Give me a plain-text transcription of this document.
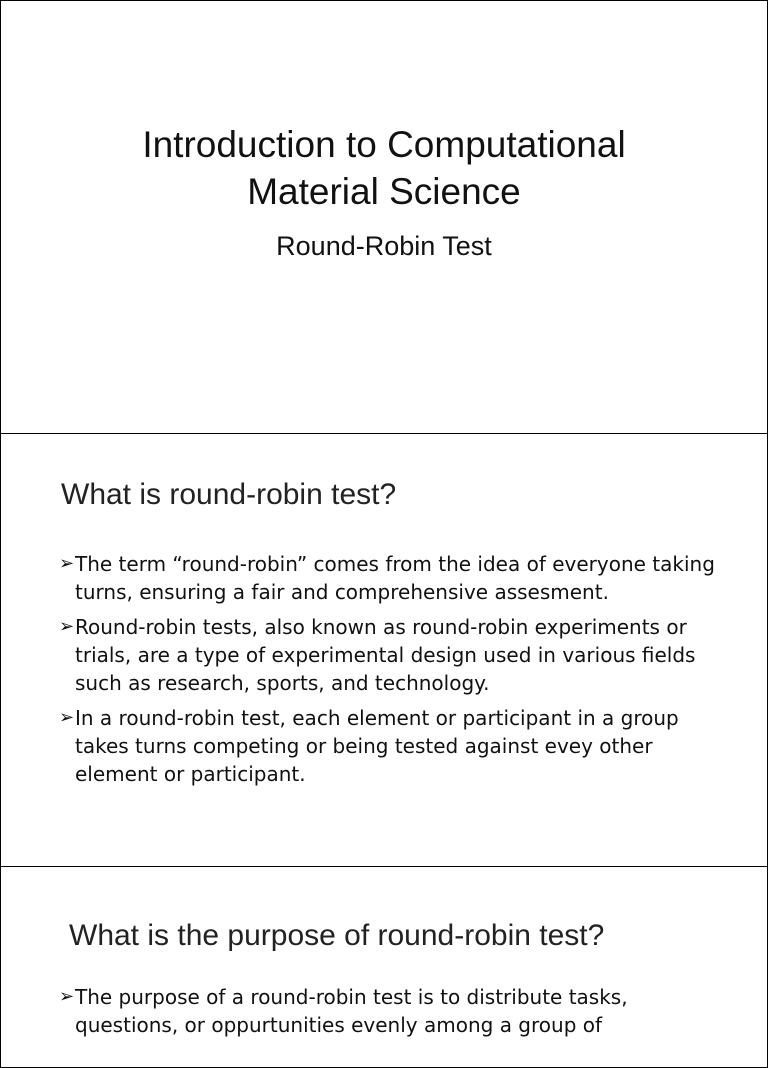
Introduction to Computational
Material Science

Round-Robin Test

What is round-robin test?
➢ The term “round-robin” comes from the idea of everyone taking turns, ensuring a fair and comprehensive assesment.
➢ Round-robin tests, also known as round-robin experiments or trials, are a type of experimental design used in various fields such as research, sports, and technology.
➢ In a round-robin test, each element or participant in a group takes turns competing or being tested against evey other element or participant.
What is the purpose of round-robin test?
➢ The purpose of a round-robin test is to distribute tasks, questions, or oppurtunities evenly among a group of
